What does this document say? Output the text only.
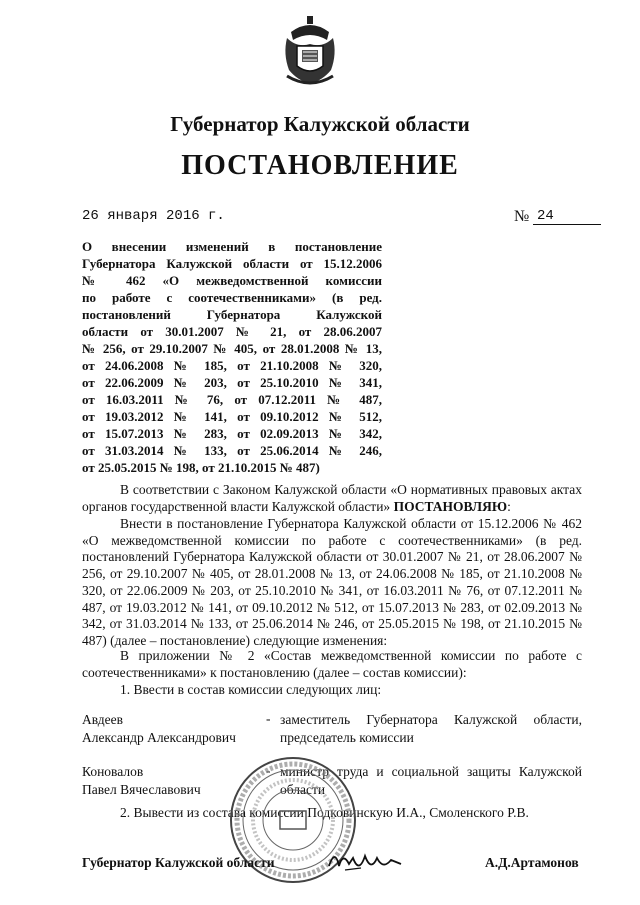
Губернатор Калужской области
ПОСТАНОВЛЕНИЕ
26 января 2016 г.	№ 24
О внесении изменений в постановление
Губернатора Калужской области от 15.12.2006
№ 462 «О межведомственной комиссии
по работе с соотечественниками» (в ред.
постановлений Губернатора Калужской
области от 30.01.2007 № 21, от 28.06.2007
№ 256, от 29.10.2007 № 405, от 28.01.2008 № 13,
от 24.06.2008 № 185, от 21.10.2008 № 320,
от 22.06.2009 № 203, от 25.10.2010 № 341,
от 16.03.2011 № 76, от 07.12.2011 № 487,
от 19.03.2012 № 141, от 09.10.2012 № 512,
от 15.07.2013 № 283, от 02.09.2013 № 342,
от 31.03.2014 № 133, от 25.06.2014 № 246,
от 25.05.2015 № 198, от 21.10.2015 № 487)
В соответствии с Законом Калужской области «О нормативных правовых актах органов государственной власти Калужской области» ПОСТАНОВЛЯЮ:
Внести в постановление Губернатора Калужской области от 15.12.2006 № 462 «О межведомственной комиссии по работе с соотечественниками» (в ред. постановлений Губернатора Калужской области от 30.01.2007 № 21, от 28.06.2007 № 256, от 29.10.2007 № 405, от 28.01.2008 № 13, от 24.06.2008 № 185, от 21.10.2008 № 320, от 22.06.2009 № 203, от 25.10.2010 № 341, от 16.03.2011 № 76, от 07.12.2011 № 487, от 19.03.2012 № 141, от 09.10.2012 № 512, от 15.07.2013 № 283, от 02.09.2013 № 342, от 31.03.2014 № 133, от 25.06.2014 № 246, от 25.05.2015 № 198, от 21.10.2015 № 487) (далее – постановление) следующие изменения:
В приложении № 2 «Состав межведомственной комиссии по работе с соотечественниками» к постановлению (далее – состав комиссии):
1. Ввести в состав комиссии следующих лиц:
Авдеев
Александр Александрович
- заместитель Губернатора Калужской области, председатель комиссии
Коновалов
Павел Вячеславович
- министр труда и социальной защиты Калужской области
2. Вывести из состава комиссии Подковинскую И.А., Смоленского Р.В.
Губернатор Калужской области	А.Д.Артамонов
